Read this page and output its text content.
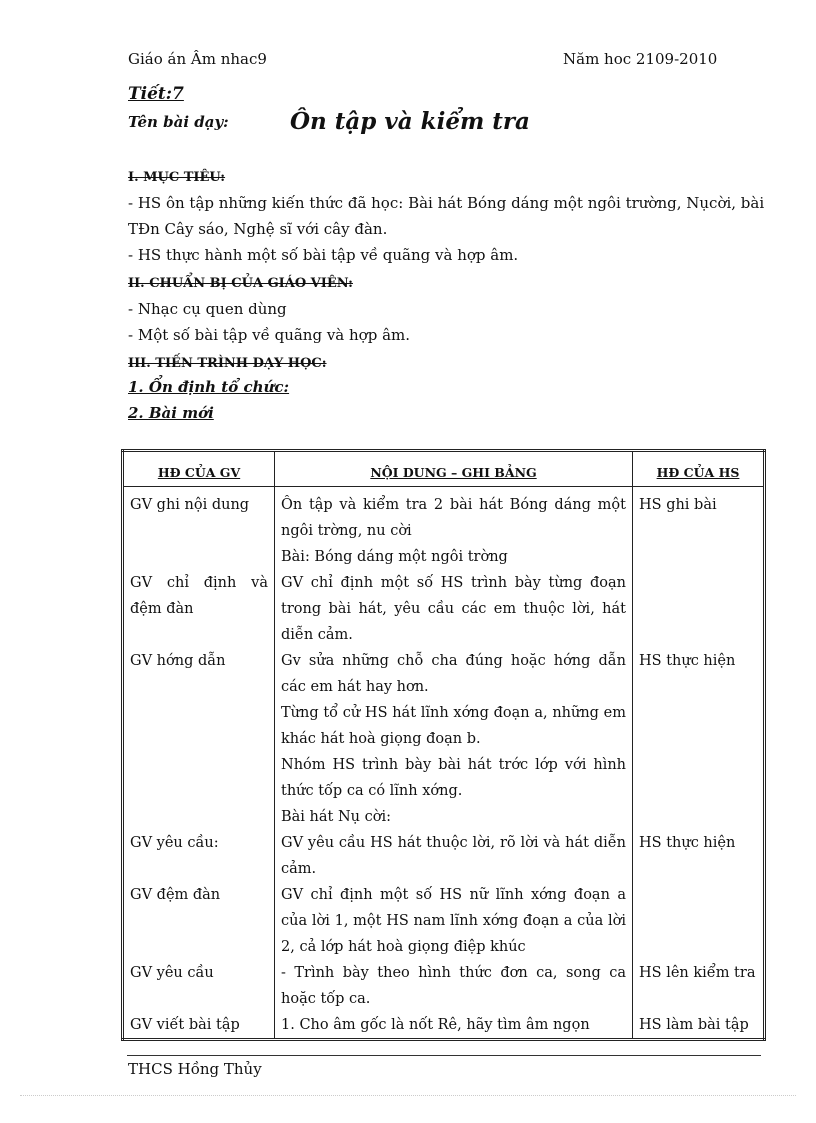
Giáo án Âm nhac9	Năm hoc 2109-2010
Tiết:7
Tên bài dạy:	Ôn tập và kiểm tra
I. MỤC TIÊU:
- HS ôn tập những kiến thức đã học: Bài hát Bóng dáng một ngôi trường, Nụcời, bài TĐn Cây sáo, Nghệ sĩ với cây đàn.
- HS thực hành một số bài tập về quãng và hợp âm.
II. CHUẨN BỊ CỦA GIÁO VIÊN:
- Nhạc cụ quen dùng
- Một số bài tập về quãng và hợp âm.
III. TIẾN TRÌNH DẠY HỌC:
1. Ổn định tổ chức:
2. Bài mới
HĐ CỦA GV	NỘI DUNG – GHI BẢNG	HĐ CỦA HS
GV ghi nội dung	Ôn tập và kiểm tra 2 bài hát Bóng dáng một ngôi trờng, nu cời	HS ghi bài
	Bài: Bóng dáng một ngôi trờng	
GV chỉ định và đệm đàn	GV chỉ định một số HS trình bày từng đoạn trong bài hát, yêu cầu các em thuộc lời, hát diễn cảm.	
GV hớng dẫn	Gv sửa những chỗ cha đúng hoặc hớng dẫn các em hát hay hơn.	HS thực hiện
	Từng tổ cử HS hát lĩnh xớng đoạn a, những em khác hát hoà giọng đoạn b.	
	Nhóm HS trình bày bài hát trớc lớp với hình thức tốp ca có lĩnh xớng.	
	Bài hát Nụ cời:	
GV yêu cầu:	GV yêu cầu HS hát thuộc lời, rõ lời và hát diễn cảm.	HS thực hiện
GV đệm đàn	GV chỉ định một số HS nữ lĩnh xớng đoạn a của lời 1, một HS nam lĩnh xớng đoạn a của lời 2, cả lớp hát hoà giọng điệp khúc	
GV yêu cầu	- Trình bày theo hình thức đơn ca, song ca hoặc tốp ca.	HS lên kiểm tra
GV viết bài tập	1. Cho âm gốc là nốt Rê, hãy tìm âm ngọn	HS làm bài tập
THCS Hồng Thủy
